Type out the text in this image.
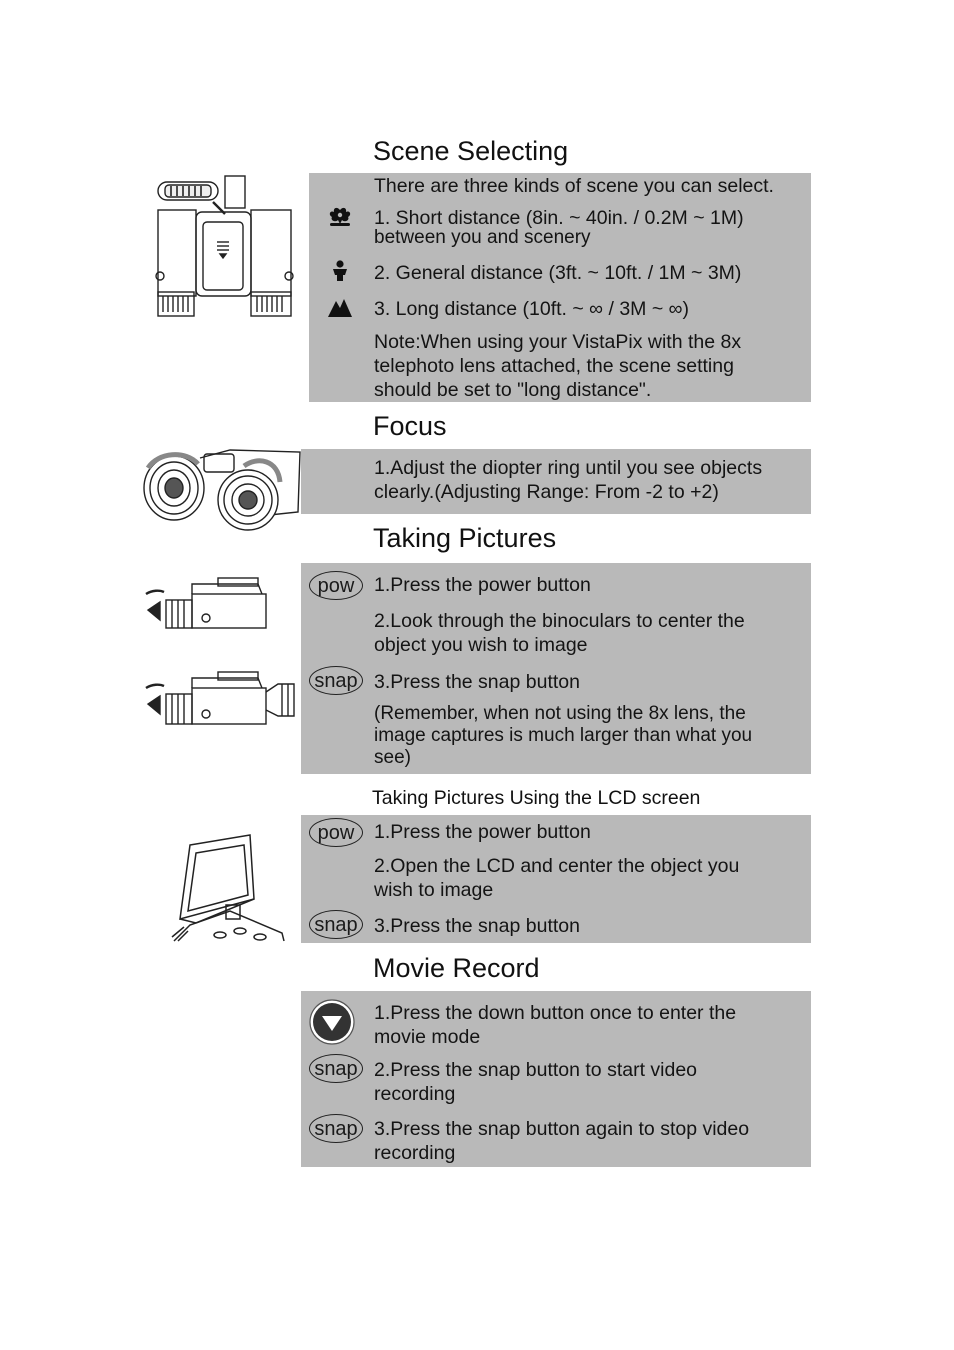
Scene Selecting
There are three kinds of scene you can select.
1. Short distance (8in. ~ 40in. / 0.2M ~ 1M)
between you and scenery
2. General distance (3ft. ~ 10ft. / 1M ~ 3M)
3. Long distance (10ft. ~ ∞ / 3M ~ ∞)
Note:When using your VistaPix with the 8x
telephoto lens attached, the scene setting
should be set to "long distance".
Focus
1.Adjust the diopter ring until you see objects
clearly.(Adjusting Range: From -2 to +2)
Taking Pictures
pow	1.Press the power button
2.Look through the binoculars to center the
object you wish to image
snap 3.Press the snap button
(Remember, when not using the 8x lens, the
image captures is much larger than what you
see)
Taking Pictures Using the LCD screen
pow	1.Press the power button
2.Open the LCD and center the object you
wish to image
snap 3.Press the snap button
Movie Record
1.Press the down button once to enter the
movie mode
snap 2.Press the snap button to start video
recording
snap 3.Press the snap button again to stop video
recording
